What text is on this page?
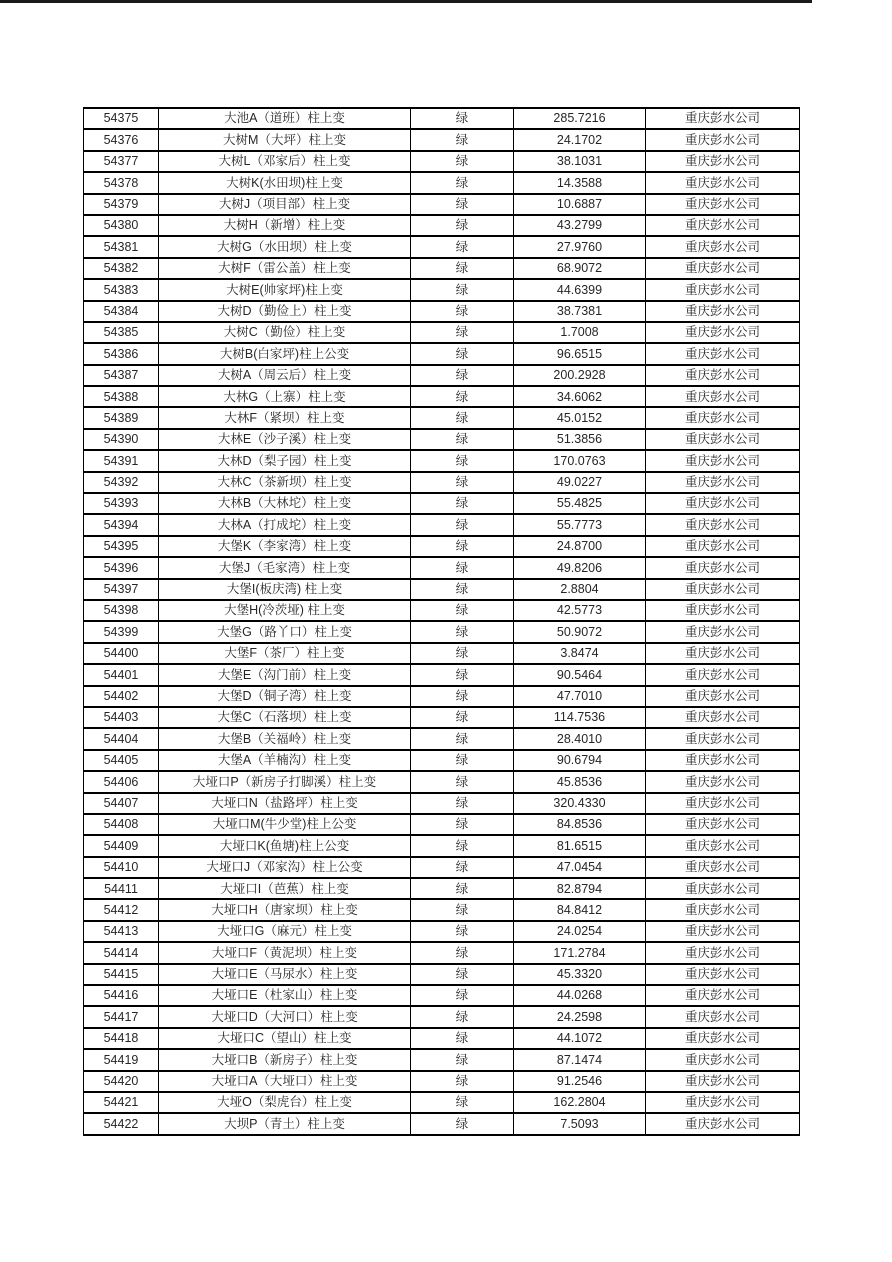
54375	大池A（道班）柱上变	绿	285.7216	重庆彭水公司
54376	大树M（大坪）柱上变	绿	24.1702	重庆彭水公司
54377	大树L（邓家后）柱上变	绿	38.1031	重庆彭水公司
54378	大树K(水田坝)柱上变	绿	14.3588	重庆彭水公司
54379	大树J（项目部）柱上变	绿	10.6887	重庆彭水公司
54380	大树H（新增）柱上变	绿	43.2799	重庆彭水公司
54381	大树G（水田坝）柱上变	绿	27.9760	重庆彭水公司
54382	大树F（雷公盖）柱上变	绿	68.9072	重庆彭水公司
54383	大树E(帅家坪)柱上变	绿	44.6399	重庆彭水公司
54384	大树D（勤俭上）柱上变	绿	38.7381	重庆彭水公司
54385	大树C（勤俭）柱上变	绿	1.7008	重庆彭水公司
54386	大树B(白家坪)柱上公变	绿	96.6515	重庆彭水公司
54387	大树A（周云后）柱上变	绿	200.2928	重庆彭水公司
54388	大林G（上寨）柱上变	绿	34.6062	重庆彭水公司
54389	大林F（紧坝）柱上变	绿	45.0152	重庆彭水公司
54390	大林E（沙子溪）柱上变	绿	51.3856	重庆彭水公司
54391	大林D（梨子园）柱上变	绿	170.0763	重庆彭水公司
54392	大林C（茶新坝）柱上变	绿	49.0227	重庆彭水公司
54393	大林B（大林坨）柱上变	绿	55.4825	重庆彭水公司
54394	大林A（打成坨）柱上变	绿	55.7773	重庆彭水公司
54395	大堡K（李家湾）柱上变	绿	24.8700	重庆彭水公司
54396	大堡J（毛家湾）柱上变	绿	49.8206	重庆彭水公司
54397	大堡I(板庆湾) 柱上变	绿	2.8804	重庆彭水公司
54398	大堡H(冷茨垭) 柱上变	绿	42.5773	重庆彭水公司
54399	大堡G（路丫口）柱上变	绿	50.9072	重庆彭水公司
54400	大堡F（茶厂）柱上变	绿	3.8474	重庆彭水公司
54401	大堡E（沟门前）柱上变	绿	90.5464	重庆彭水公司
54402	大堡D（铜子湾）柱上变	绿	47.7010	重庆彭水公司
54403	大堡C（石落坝）柱上变	绿	114.7536	重庆彭水公司
54404	大堡B（关福岭）柱上变	绿	28.4010	重庆彭水公司
54405	大堡A（羊楠沟）柱上变	绿	90.6794	重庆彭水公司
54406	大垭口P（新房子打脚溪）柱上变	绿	45.8536	重庆彭水公司
54407	大垭口N（盐路坪）柱上变	绿	320.4330	重庆彭水公司
54408	大垭口M(牛少堂)柱上公变	绿	84.8536	重庆彭水公司
54409	大垭口K(鱼塘)柱上公变	绿	81.6515	重庆彭水公司
54410	大垭口J（邓家沟）柱上公变	绿	47.0454	重庆彭水公司
54411	大垭口I（芭蕉）柱上变	绿	82.8794	重庆彭水公司
54412	大垭口H（唐家坝）柱上变	绿	84.8412	重庆彭水公司
54413	大垭口G（麻元）柱上变	绿	24.0254	重庆彭水公司
54414	大垭口F（黄泥坝）柱上变	绿	171.2784	重庆彭水公司
54415	大垭口E（马尿水）柱上变	绿	45.3320	重庆彭水公司
54416	大垭口E（杜家山）柱上变	绿	44.0268	重庆彭水公司
54417	大垭口D（大河口）柱上变	绿	24.2598	重庆彭水公司
54418	大垭口C（望山）柱上变	绿	44.1072	重庆彭水公司
54419	大垭口B（新房子）柱上变	绿	87.1474	重庆彭水公司
54420	大垭口A（大垭口）柱上变	绿	91.2546	重庆彭水公司
54421	大垭O（梨虎台）柱上变	绿	162.2804	重庆彭水公司
54422	大坝P（青土）柱上变	绿	7.5093	重庆彭水公司
